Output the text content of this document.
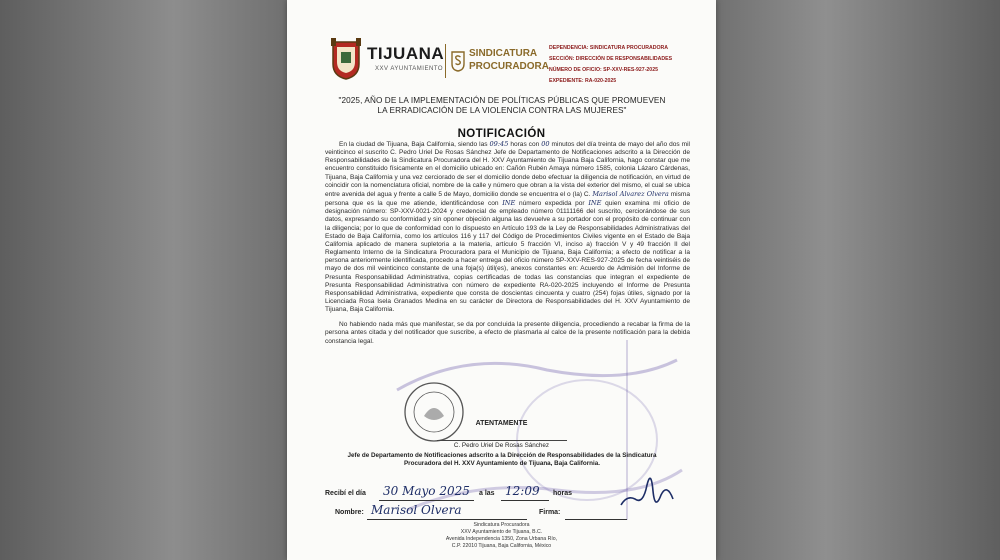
TIJUANA
XXV AYUNTAMIENTO
SINDICATURA
PROCURADORA
DEPENDENCIA: SINDICATURA PROCURADORA
SECCIÓN: DIRECCIÓN DE RESPONSABILIDADES
NÚMERO DE OFICIO: SP-XXV-RES-927-2025
EXPEDIENTE: RA-020-2025
"2025, AÑO DE LA IMPLEMENTACIÓN DE POLÍTICAS PÚBLICAS QUE PROMUEVEN
LA ERRADICACIÓN DE LA VIOLENCIA CONTRA LAS MUJERES"
NOTIFICACIÓN

En la ciudad de Tijuana, Baja California, siendo las 09:45 horas con 00 minutos del día treinta de mayo del año dos mil veinticinco el suscrito C. Pedro Uriel De Rosas Sánchez Jefe de Departamento de Notificaciones adscrito a la Dirección de Responsabilidades de la Sindicatura Procuradora del H. XXV Ayuntamiento de Tijuana Baja California, hago constar que me encuentro constituido físicamente en el domicilio ubicado en: Cañón Rubén Amaya número 1585, colonia Lázaro Cárdenas, Tijuana, Baja California y una vez cerciorado de ser el domicilio donde debo efectuar la diligencia de notificación, en virtud de coincidir con la nomenclatura oficial, nombre de la calle y número que obran a la vista del exterior del mismo, el cual se ubica entre avenida del agua y frente a calle 5 de Mayo, domicilio donde se encuentra el o (la) C. Marisol Alvarez Olvera misma persona que es la que me atiende, identificándose con INE número expedida por INE quien examina mi oficio de designación número: SP-XXV-0021-2024 y credencial de empleado número 01111166 del suscrito, cerciorándose de sus datos, expresando su conformidad y sin oponer objeción alguna las devuelve a su portador con el propósito de continuar con la diligencia; por lo que de conformidad con lo dispuesto en Artículo 193 de la Ley de Responsabilidades Administrativas del Estado de Baja California, como los artículos 116 y 117 del Código de Procedimientos Civiles vigente en el Estado de Baja California aplicado de manera supletoria a la materia, artículo 5 fracción VI, inciso a) fracción V y 49 fracción II del Reglamento Interno de la Sindicatura Procuradora para el Municipio de Tijuana, Baja California; a efecto de notificar a la persona anteriormente identificada, procedo a hacer entrega del oficio número SP-XXV-RES-927-2025 de fecha veintiséis de mayo de dos mil veinticinco constante de una foja(s) útil(es), anexos constantes en: Acuerdo de Admisión del Informe de Presunta Responsabilidad Administrativa, copias certificadas de todas las constancias que integran el expediente de Presunta Responsabilidad Administrativa con número de expediente RA-020-2025 incluyendo el Informe de Presunta Responsabilidad Administrativa, expediente que consta de doscientas cincuenta y cuatro (254) fojas útiles, signado por la Licenciada Rosa Isela Granados Medina en su carácter de Directora de Responsabilidades del H. XXV Ayuntamiento de Tijuana, Baja California.

No habiendo nada más que manifestar, se da por concluida la presente diligencia, procediendo a recabar la firma de la persona antes citada y del notificador que suscribe, a efecto de plasmarla al calce de la presente notificación para la debida constancia legal.

ATENTAMENTE
C. Pedro Uriel De Rosas Sánchez
Jefe de Departamento de Notificaciones adscrito a la Dirección de Responsabilidades de la Sindicatura Procuradora del H. XXV Ayuntamiento de Tijuana, Baja California.
Recibí el día 30 Mayo 2025 a las 12:09 horas
Nombre: Marisol Olvera	Firma:
Sindicatura Procuradora
XXV Ayuntamiento de Tijuana, B.C.
Avenida Independencia 1350, Zona Urbana Río,
C.P. 22010 Tijuana, Baja California, México
